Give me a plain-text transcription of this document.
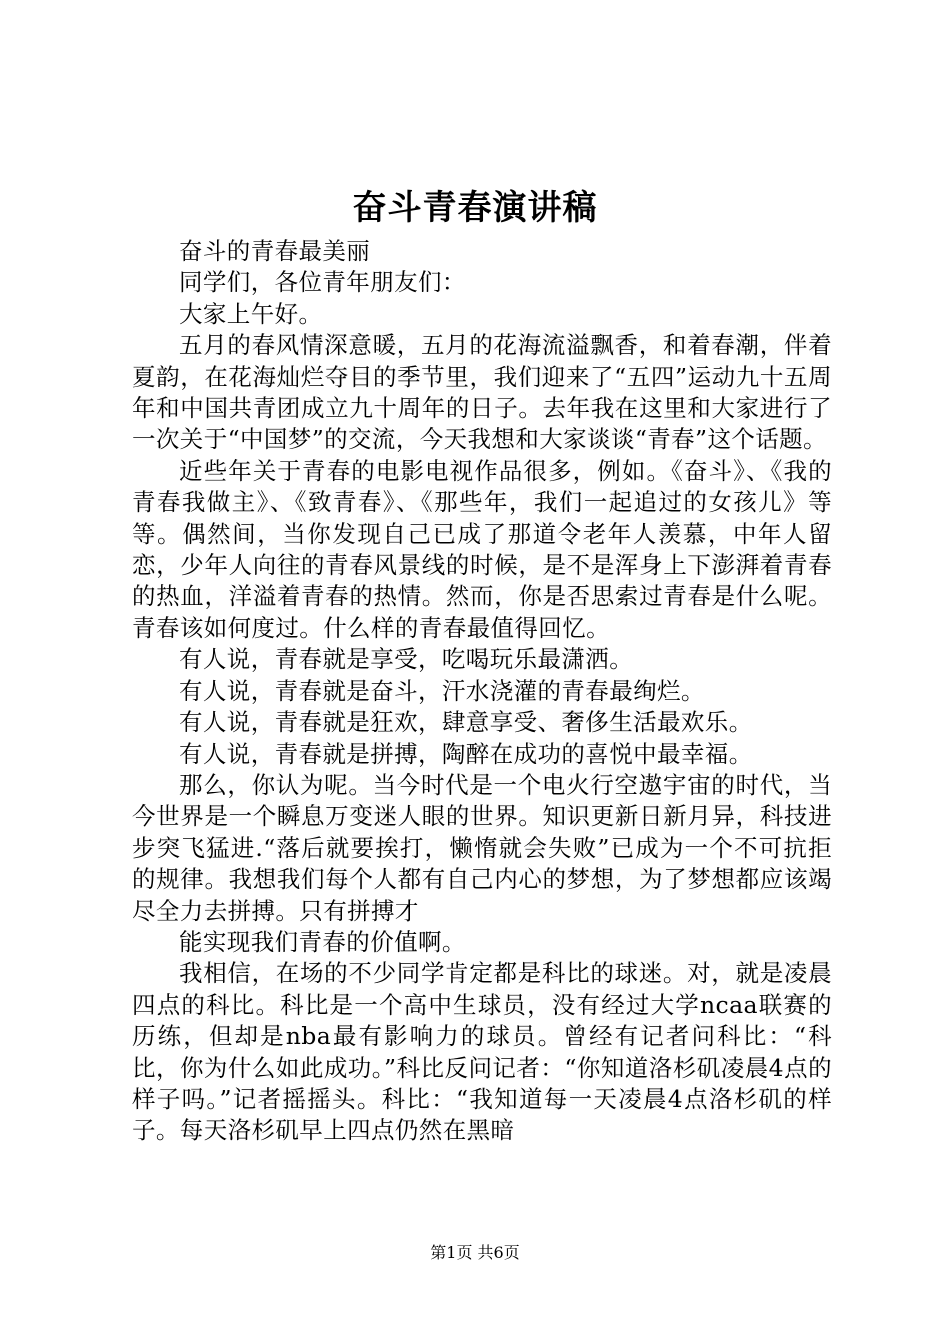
奋斗青春演讲稿

奋斗的青春最美丽

同学们，各位青年朋友们：

大家上午好。

五月的春风情深意暖，五月的花海流溢飘香，和着春潮，伴着夏韵，在花海灿烂夺目的季节里，我们迎来了“五四”运动九十五周年和中国共青团成立九十周年的日子。去年我在这里和大家进行了一次关于“中国梦”的交流，今天我想和大家谈谈“青春”这个话题。

近些年关于青春的电影电视作品很多，例如。《奋斗》、《我的青春我做主》、《致青春》、《那些年，我们一起追过的女孩儿》等等。偶然间，当你发现自己已成了那道令老年人羡慕，中年人留恋，少年人向往的青春风景线的时候，是不是浑身上下澎湃着青春的热血，洋溢着青春的热情。然而，你是否思索过青春是什么呢。青春该如何度过。什么样的青春最值得回忆。

有人说，青春就是享受，吃喝玩乐最潇洒。

有人说，青春就是奋斗，汗水浇灌的青春最绚烂。

有人说，青春就是狂欢，肆意享受、奢侈生活最欢乐。

有人说，青春就是拼搏，陶醉在成功的喜悦中最幸福。

那么，你认为呢。当今时代是一个电火行空遨宇宙的时代，当今世界是一个瞬息万变迷人眼的世界。知识更新日新月异，科技进步突飞猛进.“落后就要挨打，懒惰就会失败”已成为一个不可抗拒的规律。我想我们每个人都有自己内心的梦想，为了梦想都应该竭尽全力去拼搏。只有拼搏才

能实现我们青春的价值啊。

我相信，在场的不少同学肯定都是科比的球迷。对，就是凌晨四点的科比。科比是一个高中生球员，没有经过大学ncaa联赛的历练，但却是nba最有影响力的球员。曾经有记者问科比：“科比，你为什么如此成功。”科比反问记者：“你知道洛杉矶凌晨4点的样子吗。”记者摇摇头。科比：“我知道每一天凌晨4点洛杉矶的样子。每天洛杉矶早上四点仍然在黑暗

第1页 共6页
